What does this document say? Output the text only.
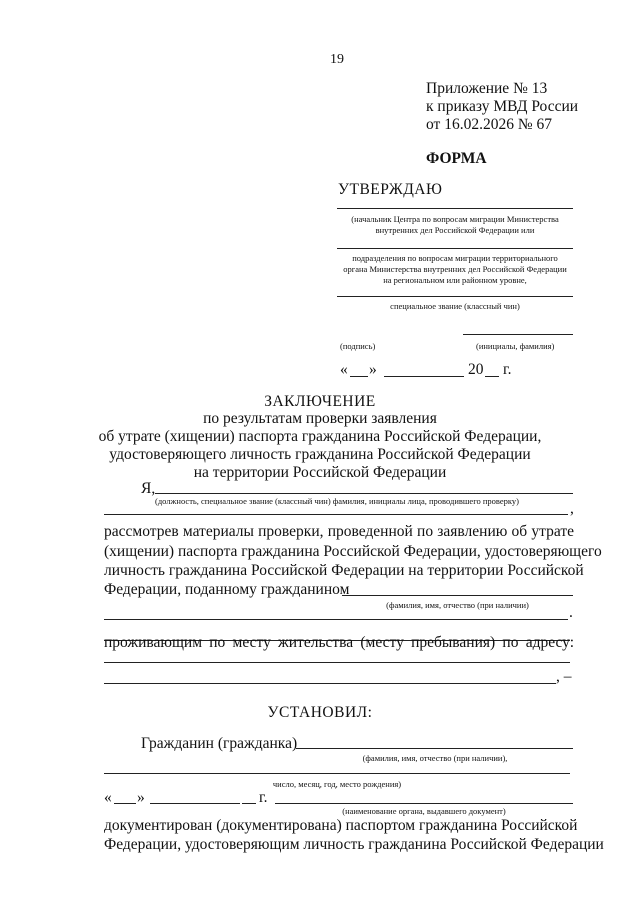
19
Приложение № 13
к приказу МВД России
от 16.02.2026 № 67
ФОРМА
УТВЕРЖДАЮ
(начальник Центра по вопросам миграции Министерства
внутренних дел Российской Федерации или
подразделения по вопросам миграции территориального
органа Министерства внутренних дел Российской Федерации
на региональном или районном уровне,
специальное звание (классный чин)
(подпись)	(инициалы, фамилия)
« »	20 г.
ЗАКЛЮЧЕНИЕ
по результатам проверки заявления
об утрате (хищении) паспорта гражданина Российской Федерации,
удостоверяющего личность гражданина Российской Федерации
на территории Российской Федерации
Я,
(должность, специальное звание (классный чин) фамилия, инициалы лица, проводившего проверку)	,
рассмотрев материалы проверки, проведенной по заявлению об утрате
(хищении) паспорта гражданина Российской Федерации, удостоверяющего
личность гражданина Российской Федерации на территории Российской
Федерации, поданному гражданином
(фамилия, имя, отчество (при наличии)	.
проживающим по месту жительства (месту пребывания) по адресу:
, –
УСТАНОВИЛ:
Гражданин (гражданка)
(фамилия, имя, отчество (при наличии),
число, месяц, год, место рождения)
« »	г.
(наименование органа, выдавшего документ)
документирован (документирована) паспортом гражданина Российской
Федерации, удостоверяющим личность гражданина Российской Федерации
